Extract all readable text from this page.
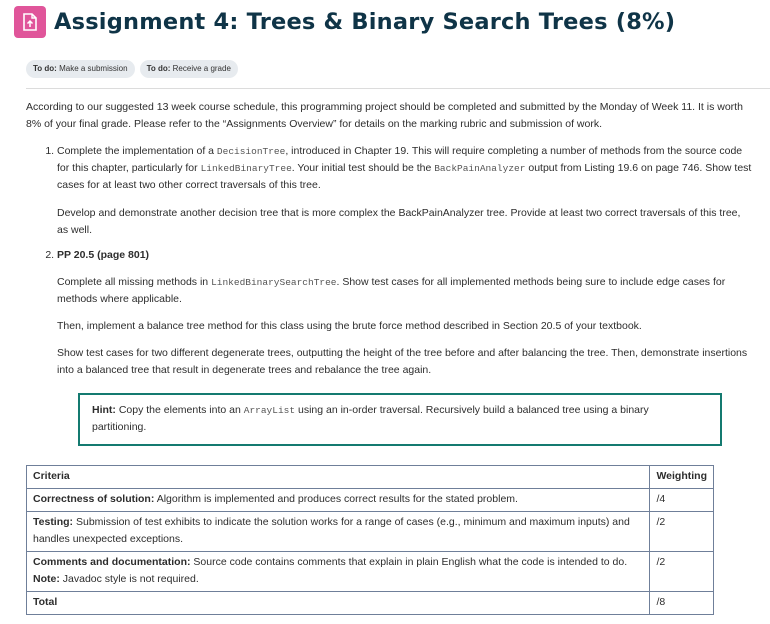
Assignment 4: Trees & Binary Search Trees (8%)
To do: Make a submission	To do: Receive a grade

According to our suggested 13 week course schedule, this programming project should be completed and submitted by the Monday of Week 11. It is worth 8% of your final grade. Please refer to the “Assignments Overview” for details on the marking rubric and submission of work.

1. Complete the implementation of a DecisionTree, introduced in Chapter 19. This will require completing a number of methods from the source code for this chapter, particularly for LinkedBinaryTree. Your initial test should be the BackPainAnalyzer output from Listing 19.6 on page 746. Show test cases for at least two other correct traversals of this tree.

Develop and demonstrate another decision tree that is more complex the BackPainAnalyzer tree. Provide at least two correct traversals of this tree, as well.

2. PP 20.5 (page 801)

Complete all missing methods in LinkedBinarySearchTree. Show test cases for all implemented methods being sure to include edge cases for methods where applicable.

Then, implement a balance tree method for this class using the brute force method described in Section 20.5 of your textbook.

Show test cases for two different degenerate trees, outputting the height of the tree before and after balancing the tree. Then, demonstrate insertions into a balanced tree that result in degenerate trees and rebalance the tree again.

Hint: Copy the elements into an ArrayList using an in-order traversal. Recursively build a balanced tree using a binary partitioning.
Criteria	Weighting
Correctness of solution: Algorithm is implemented and produces correct results for the stated problem.	/4
Testing: Submission of test exhibits to indicate the solution works for a range of cases (e.g., minimum and maximum inputs) and handles unexpected exceptions.	/2
Comments and documentation: Source code contains comments that explain in plain English what the code is intended to do.
Note: Javadoc style is not required.	/2
Total	/8
